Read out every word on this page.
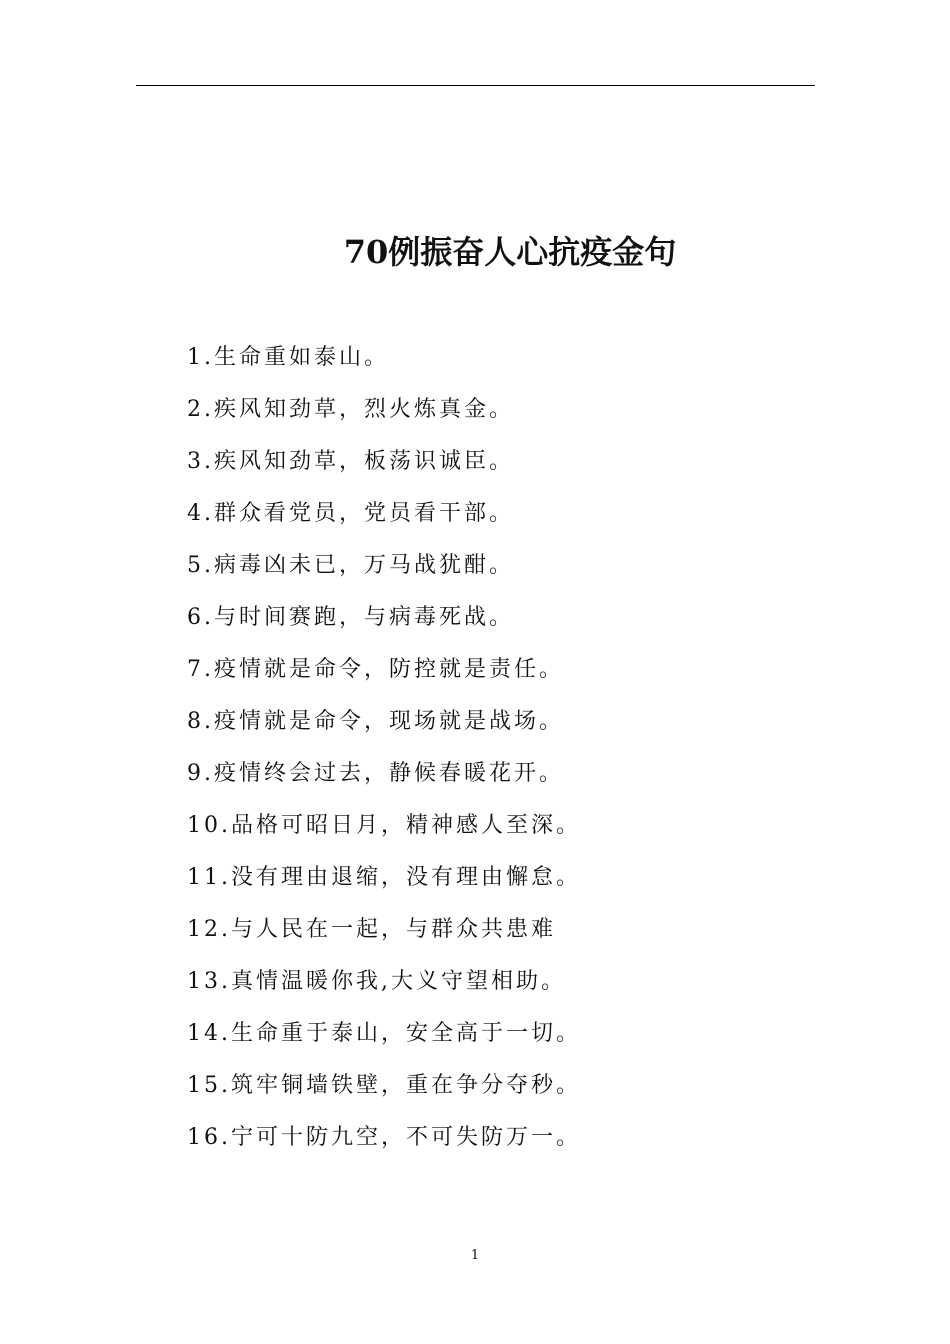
70例振奋人心抗疫金句
1.生命重如泰山。
2.疾风知劲草，烈火炼真金。
3.疾风知劲草，板荡识诚臣。
4.群众看党员，党员看干部。
5.病毒凶未已，万马战犹酣。
6.与时间赛跑，与病毒死战。
7.疫情就是命令，防控就是责任。
8.疫情就是命令，现场就是战场。
9.疫情终会过去，静候春暖花开。
10.品格可昭日月，精神感人至深。
11.没有理由退缩，没有理由懈怠。
12.与人民在一起，与群众共患难
13.真情温暖你我,大义守望相助。
14.生命重于泰山，安全高于一切。
15.筑牢铜墙铁壁，重在争分夺秒。
16.宁可十防九空，不可失防万一。
1
